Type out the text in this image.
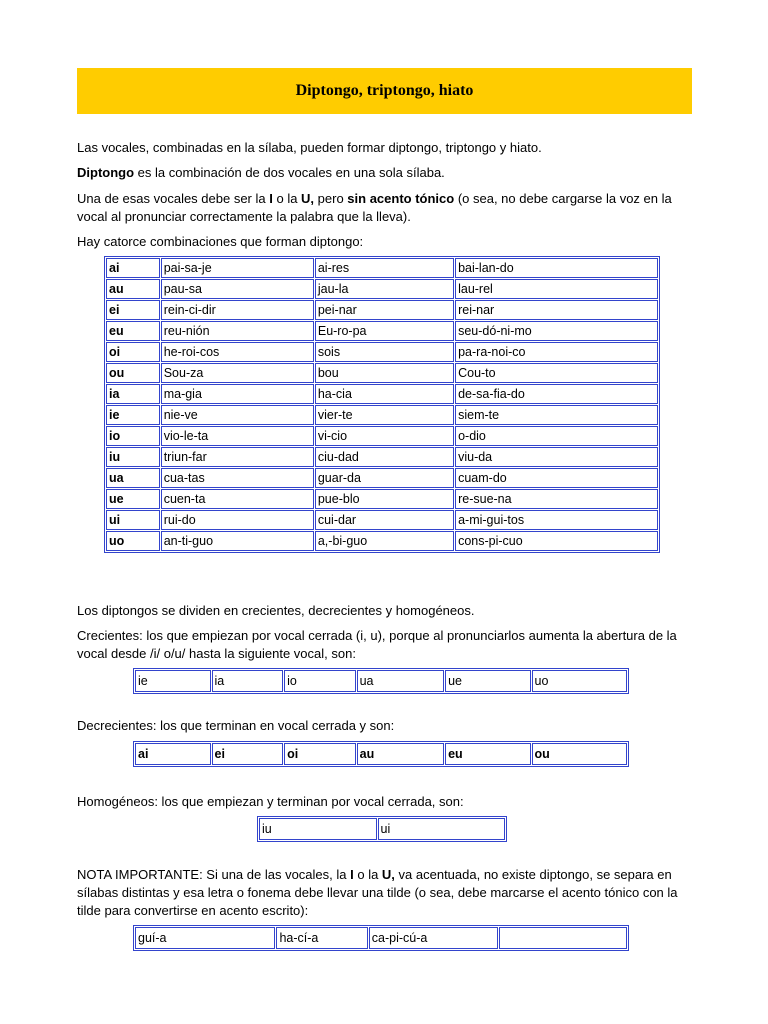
Diptongo, triptongo, hiato

Las vocales, combinadas en la sílaba, pueden formar diptongo, triptongo y hiato.

Diptongo es la combinación de dos vocales en una sola sílaba.

Una de esas vocales debe ser la I o la U, pero sin acento tónico (o sea, no debe cargarse la voz en la vocal al pronunciar correctamente la palabra que la lleva).

Hay catorce combinaciones que forman diptongo:

ai	pai-sa-je	ai-res	bai-lan-do
au	pau-sa	jau-la	lau-rel
ei	rein-ci-dir	pei-nar	rei-nar
eu	reu-nión	Eu-ro-pa	seu-dó-ni-mo
oi	he-roi-cos	sois	pa-ra-noi-co
ou	Sou-za	bou	Cou-to
ia	ma-gia	ha-cia	de-sa-fia-do
ie	nie-ve	vier-te	siem-te
io	vio-le-ta	vi-cio	o-dio
iu	triun-far	ciu-dad	viu-da
ua	cua-tas	guar-da	cuam-do
ue	cuen-ta	pue-blo	re-sue-na
ui	rui-do	cui-dar	a-mi-gui-tos
uo	an-ti-guo	a,-bi-guo	cons-pi-cuo

Los diptongos se dividen en crecientes, decrecientes y homogéneos.

Crecientes: los que empiezan por vocal cerrada (i, u), porque al pronunciarlos aumenta la abertura de la vocal desde /i/ o/u/ hasta la siguiente vocal, son:

ie	ia	io	ua	ue	uo

Decrecientes: los que terminan en vocal cerrada y son:

ai	ei	oi	au	eu	ou

Homogéneos: los que empiezan y terminan por vocal cerrada, son:

iu	ui

NOTA IMPORTANTE: Si una de las vocales, la I o la U, va acentuada, no existe diptongo, se separa en sílabas distintas y esa letra o fonema debe llevar una tilde (o sea, debe marcarse el acento tónico con la tilde para convertirse en acento escrito):

guí-a	ha-cí-a	ca-pi-cú-a	
